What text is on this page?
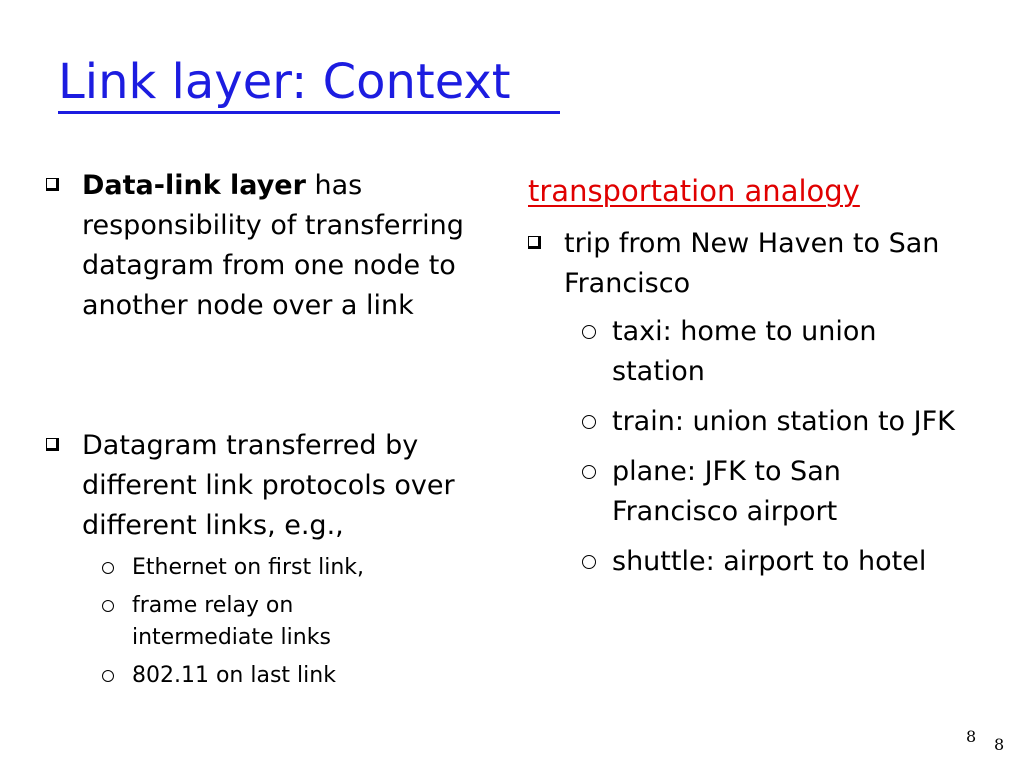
Link layer: Context
Data-link layer has responsibility of transferring datagram from one node to another node over a link
Datagram transferred by different link protocols over different links, e.g.,
Ethernet on first link,
frame relay on intermediate links
802.11 on last link
transportation analogy
trip from New Haven to San Francisco
taxi: home to union station
train: union station to JFK
plane: JFK to San Francisco airport
shuttle: airport to hotel
8 8
